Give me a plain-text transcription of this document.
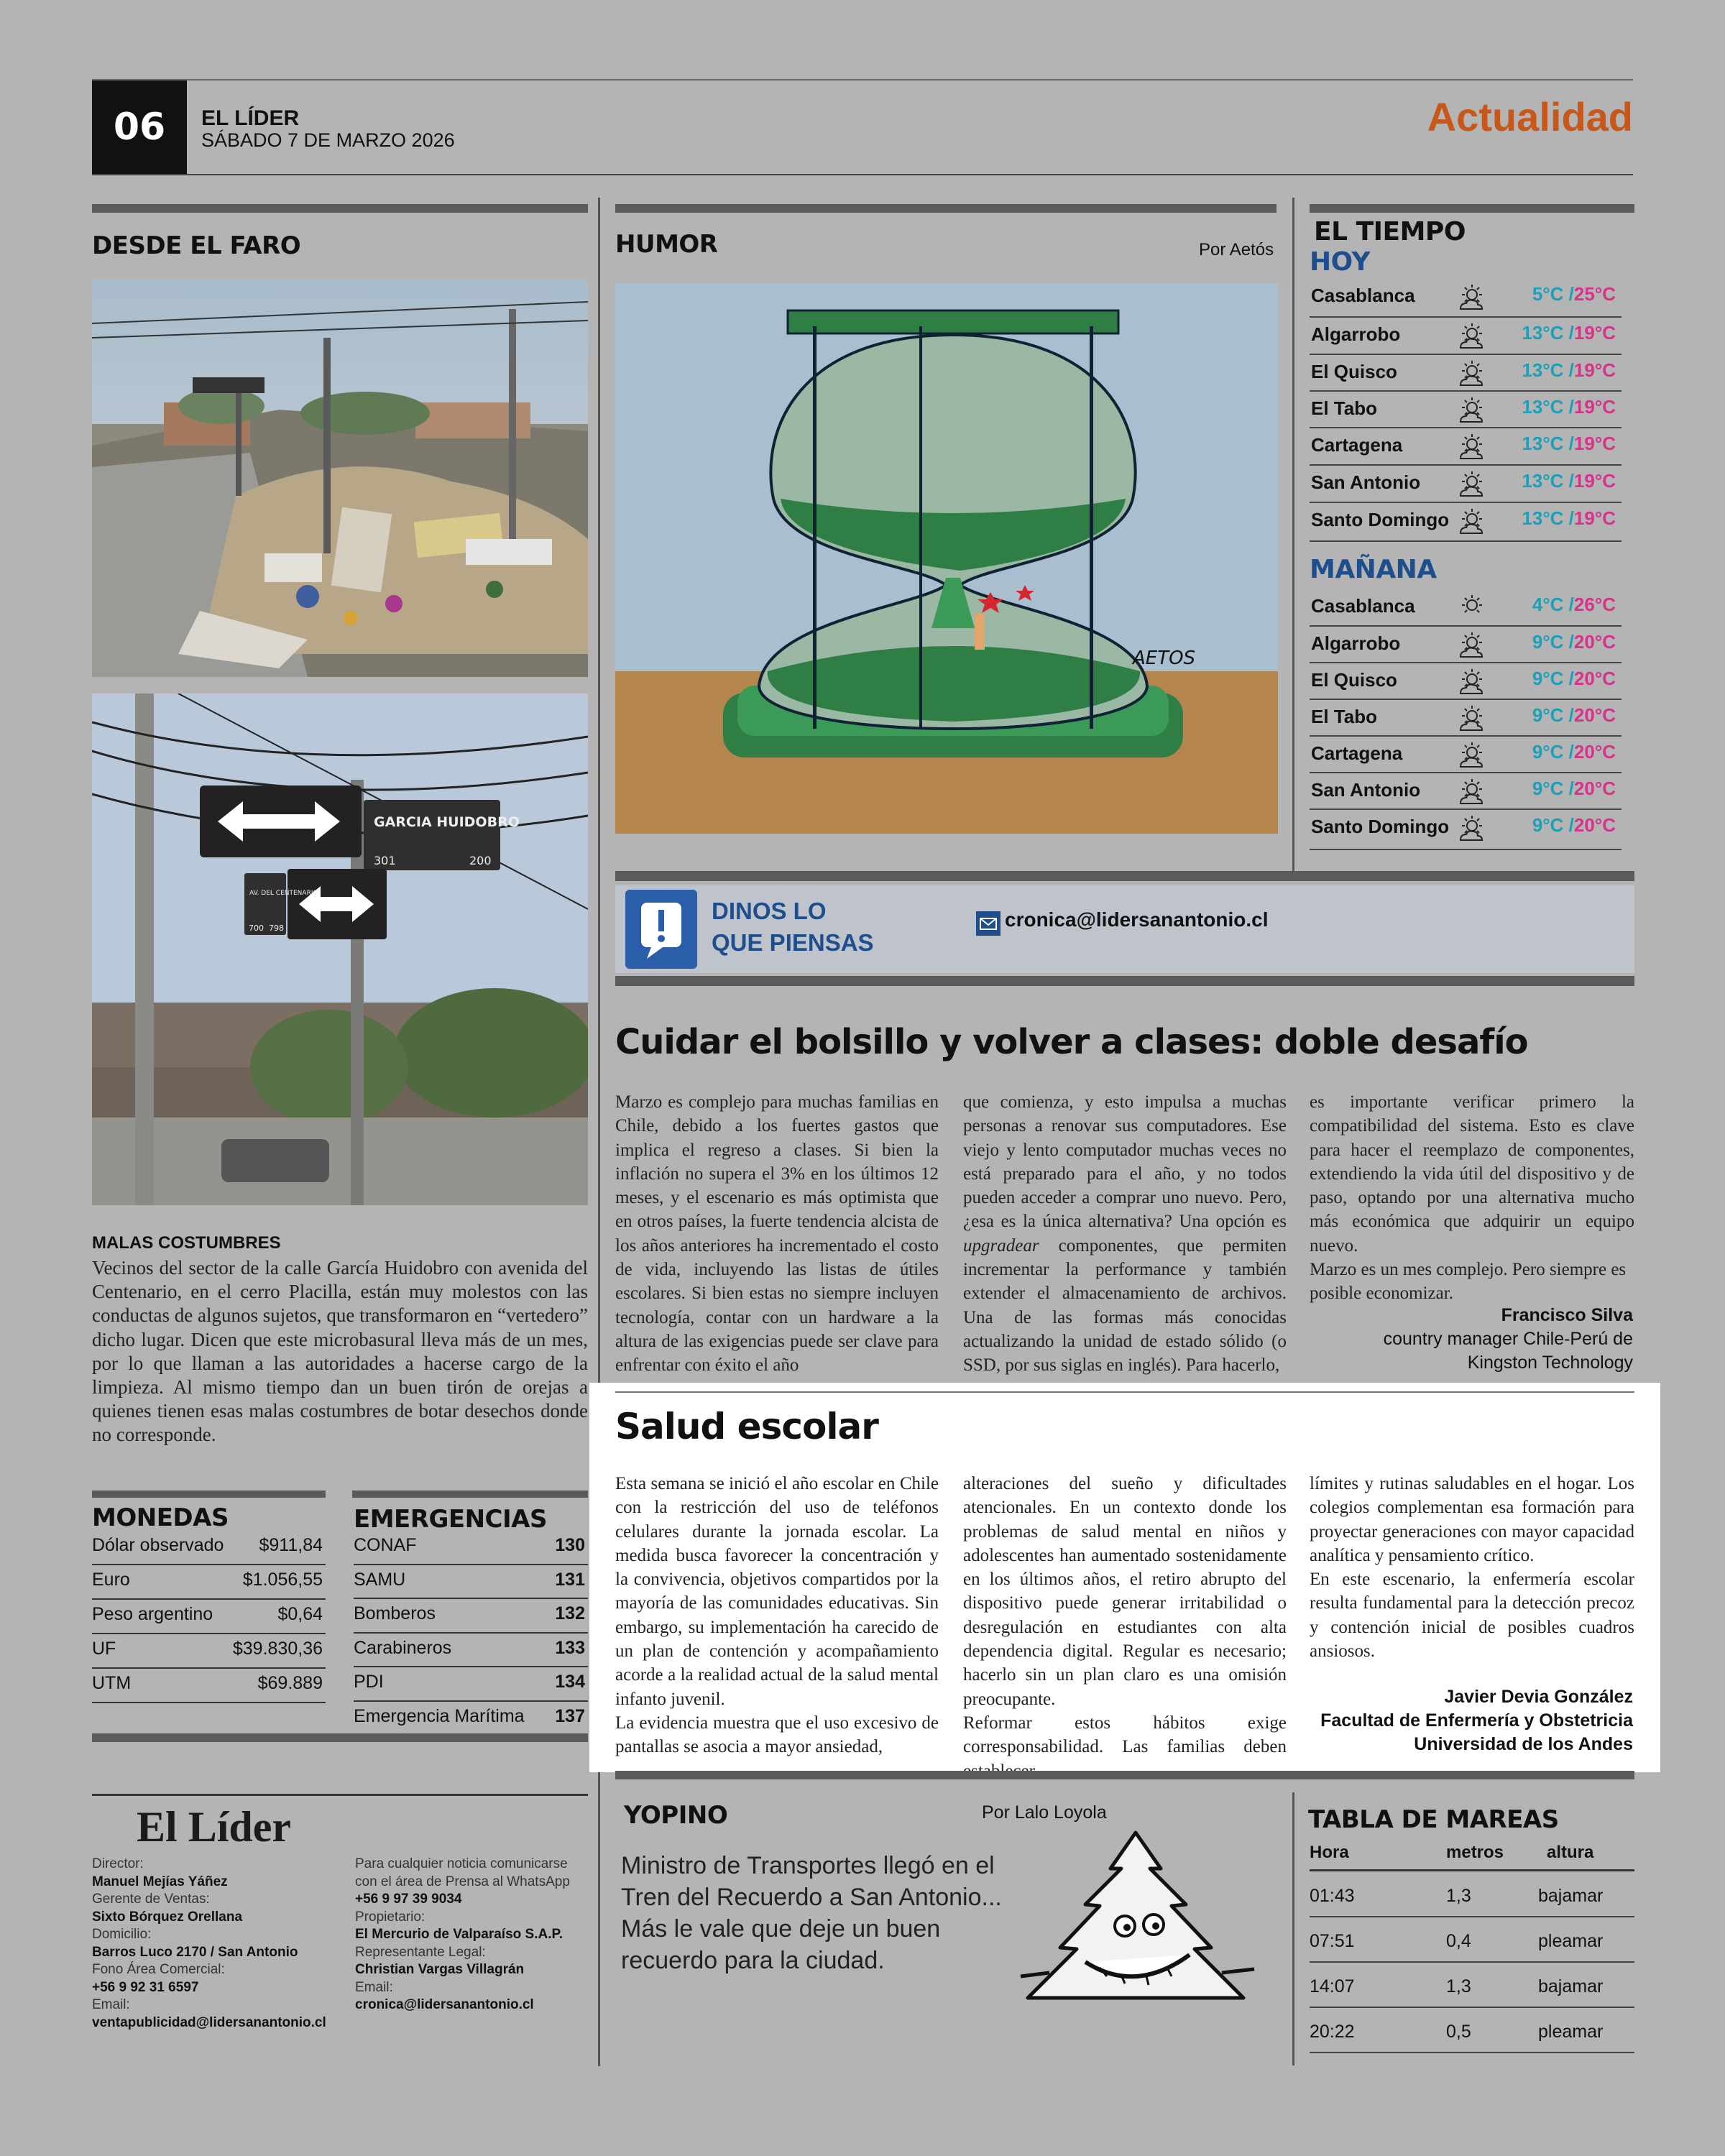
06	EL LÍDER
SÁBADO 7 DE MARZO 2026
Actualidad
DESDE EL FARO
GARCIA HUIDOBRO
301	200
AV. DEL CENTENARIO
700 798
MALAS COSTUMBRES
Vecinos del sector de la calle García Huidobro con avenida del Centenario, en el cerro Placilla, están muy molestos con las conductas de algunos sujetos, que transformaron en “vertedero” dicho lugar. Dicen que este microbasural lleva más de un mes, por lo que llaman a las autoridades a hacerse cargo de la limpieza. Al mismo tiempo dan un buen tirón de orejas a quienes tienen esas malas costumbres de botar desechos donde no corresponde.
MONEDAS
Dólar observado $911,84
Euro	$1.056,55
Peso argentino	$0,64
UF	$39.830,36
UTM	$69.889
EMERGENCIAS
CONAF	130
SAMU	131
Bomberos	132
Carabineros	133
PDI	134
Emergencia Marítima 137
El Líder
Director:
Manuel Mejías Yáñez
Gerente de Ventas:
Sixto Bórquez Orellana
Domicilio:
Barros Luco 2170 / San Antonio
Fono Área Comercial:
+56 9 92 31 6597
Email:
ventapublicidad@lidersanantonio.cl
Para cualquier noticia comunicarse con el área de Prensa al WhatsApp
+56 9 97 39 9034
Propietario:
El Mercurio de Valparaíso S.A.P.
Representante Legal:
Christian Vargas Villagrán
Email:
cronica@lidersanantonio.cl
HUMOR	Por Aetós
AETOS
DINOS LO
QUE PIENSAS
cronica@lidersanantonio.cl
EL TIEMPO
HOY
Casablanca	5°C /25°C
Algarrobo	13°C /19°C
El Quisco	13°C /19°C
El Tabo	13°C /19°C
Cartagena	13°C /19°C
San Antonio	13°C /19°C
Santo Domingo	13°C /19°C
MAÑANA
Casablanca	4°C /26°C
Algarrobo	9°C /20°C
El Quisco	9°C /20°C
El Tabo	9°C /20°C
Cartagena	9°C /20°C
San Antonio	9°C /20°C
Santo Domingo	9°C /20°C
Cuidar el bolsillo y volver a clases: doble desafío
Marzo es complejo para muchas familias en Chile, debido a los fuertes gastos que implica el regreso a clases. Si bien la inflación no supera el 3% en los últimos 12 meses, y el escenario es más optimista que en otros países, la fuerte tendencia alcista de los años anteriores ha incrementado el costo de vida, incluyendo las listas de útiles escolares. Si bien estas no siempre incluyen tecnología, contar con un hardware a la altura de las exigencias puede ser clave para enfrentar con éxito el año
que comienza, y esto impulsa a muchas personas a renovar sus computadores. Ese viejo y lento computador muchas veces no está preparado para el año, y no todos pueden acceder a comprar uno nuevo. Pero, ¿esa es la única alternativa? Una opción es upgradear componentes, que permiten incrementar la performance y también extender el almacenamiento de archivos. Una de las formas más conocidas actualizando la unidad de estado sólido (o SSD, por sus siglas en inglés). Para hacerlo,
es importante verificar primero la compatibilidad del sistema. Esto es clave para hacer el reemplazo de componentes, extendiendo la vida útil del dispositivo y de paso, optando por una alternativa mucho más económica que adquirir un equipo nuevo.
Marzo es un mes complejo. Pero siempre es posible economizar.
Francisco Silva
country manager Chile-Perú de
Kingston Technology
Salud escolar
Esta semana se inició el año escolar en Chile con la restricción del uso de teléfonos celulares durante la jornada escolar. La medida busca favorecer la concentración y la convivencia, objetivos compartidos por la mayoría de las comunidades educativas. Sin embargo, su implementación ha carecido de un plan de contención y acompañamiento acorde a la realidad actual de la salud mental infanto juvenil.
La evidencia muestra que el uso excesivo de pantallas se asocia a mayor ansiedad,
alteraciones del sueño y dificultades atencionales. En un contexto donde los problemas de salud mental en niños y adolescentes han aumentado sostenidamente en los últimos años, el retiro abrupto del dispositivo puede generar irritabilidad o desregulación en estudiantes con alta dependencia digital. Regular es necesario; hacerlo sin un plan claro es una omisión preocupante.
Reformar estos hábitos exige corresponsabilidad. Las familias deben
límites y rutinas saludables en el hogar. Los colegios complementan esa formación para proyectar generaciones con mayor capacidad analítica y pensamiento crítico.
En este escenario, la enfermería escolar resulta fundamental para la detección precoz y contención inicial de posibles cuadros ansiosos.
Javier Devia González
Facultad de Enfermería y Obstetricia
Universidad de los Andes
YOPINO	Por Lalo Loyola
Ministro de Transportes llegó en el Tren del Recuerdo a San Antonio... Más le vale que deje un buen recuerdo para la ciudad.
TABLA DE MAREAS
Hora	metros altura
01:43	1,3	bajamar
07:51	0,4	pleamar
14:07	1,3	bajamar
20:22	0,5	pleamar
